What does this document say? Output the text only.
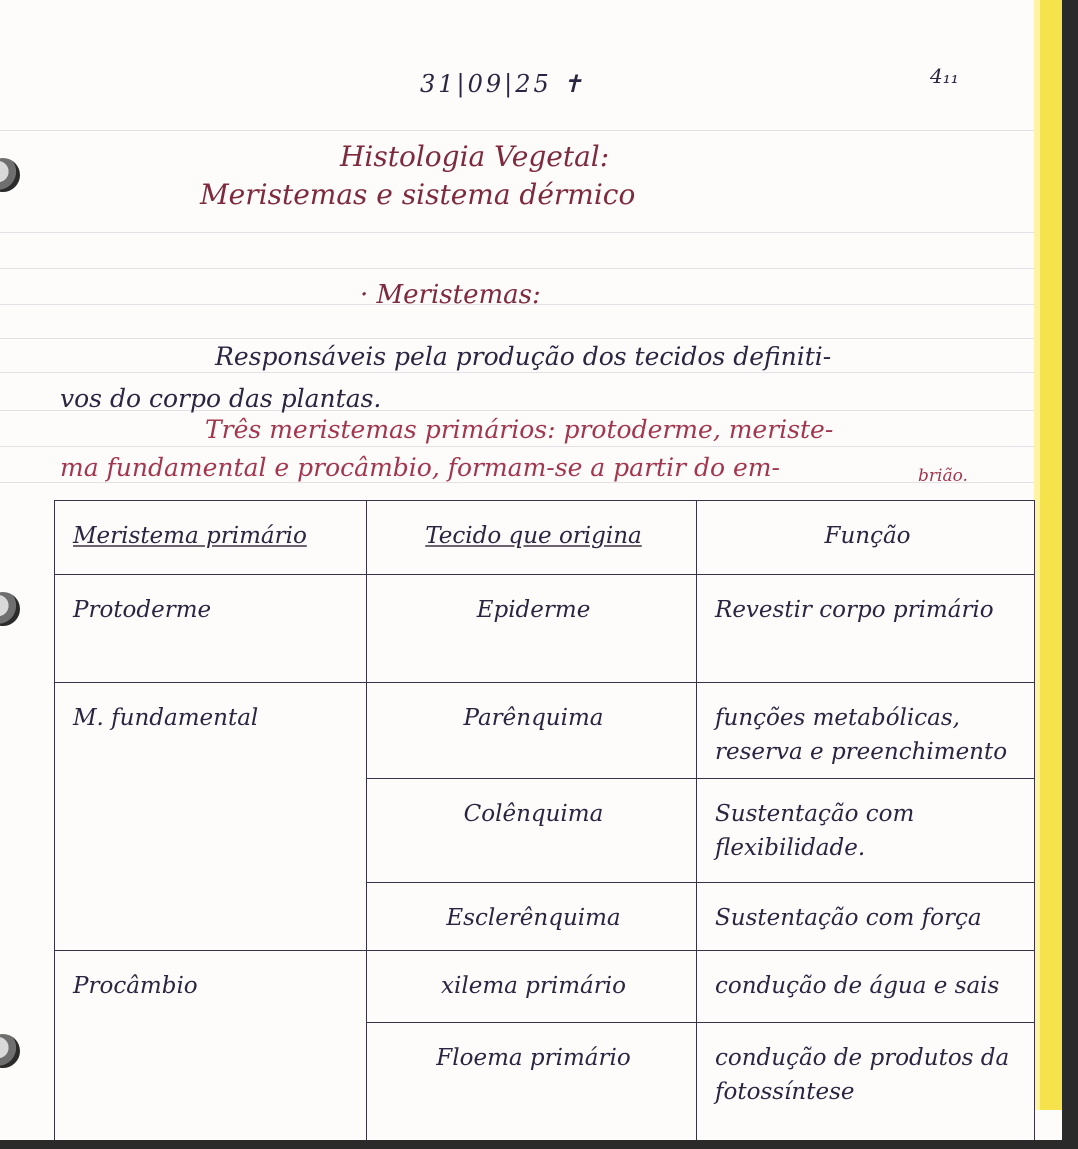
31|09|25 ✝	4₁₁
Histologia Vegetal:
Meristemas e sistema dérmico
· Meristemas:
Responsáveis pela produção dos tecidos definiti-
vos do corpo das plantas.
Três meristemas primários: protoderme, meriste-
ma fundamental e procâmbio, formam-se a partir do em-	brião.
Meristema primário	Tecido que origina	Função
Protoderme	Epiderme	Revestir corpo primário
M. fundamental	Parênquima	funções metabólicas, reserva e preenchimento
	Colênquima	Sustentação com flexibilidade.
	Esclerênquima	Sustentação com força
Procâmbio	xilema primário	condução de água e sais
	Floema primário	condução de produtos da fotossíntese
